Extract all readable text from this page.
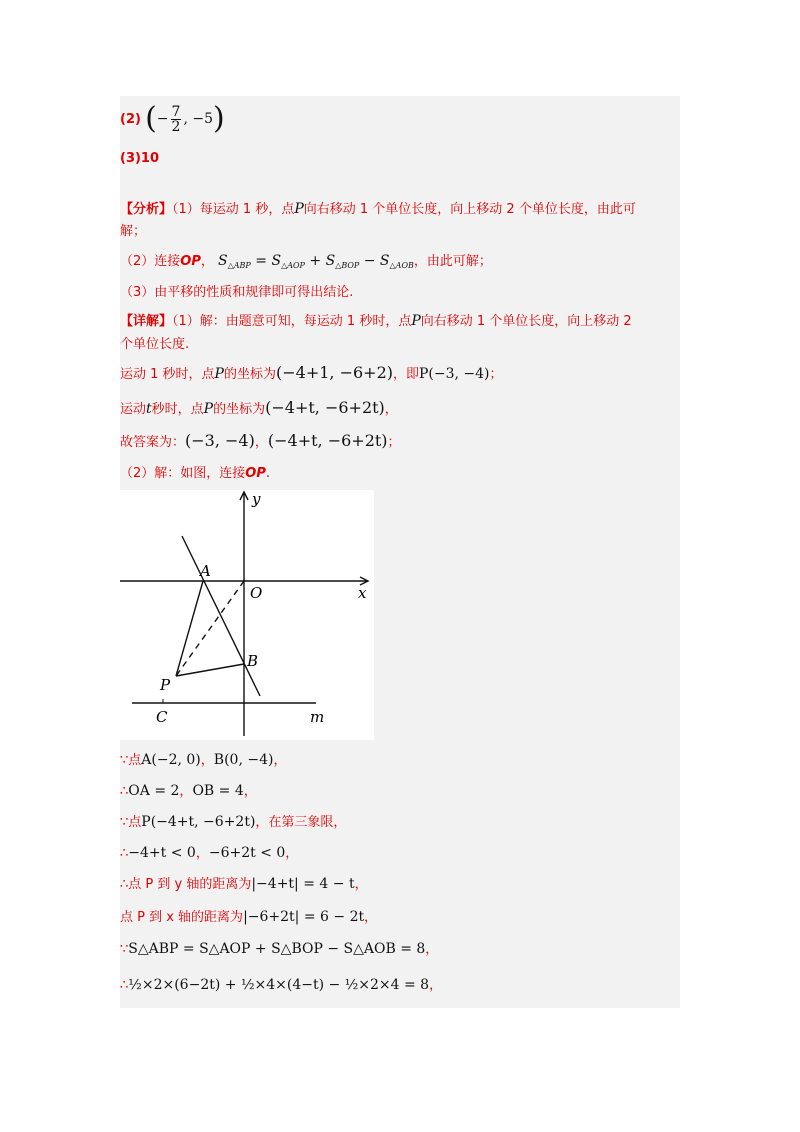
(2) (− $\frac{7}{2}$ , −5)
(3)10
【分析】（1）每运动 1 秒，点P向右移动 1 个单位长度，向上移动 2 个单位长度，由此可
解；
（2）连接OP， $S_{\triangle ABP} = S_{\triangle AOP} + S_{\triangle BOP} - S_{\triangle AOB}$，由此可解；
（3）由平移的性质和规律即可得出结论.
【详解】（1）解：由题意可知，每运动 1 秒时，点P向右移动 1 个单位长度，向上移动 2
个单位长度.
运动 1 秒时，点P的坐标为(−4+1, −6+2)，即P(−3, −4)；
运动t秒时，点P的坐标为(−4+t, −6+2t)，
故答案为：(−3, −4)，(−4+t, −6+2t)；
（2）解：如图，连接OP.
y
x
A
O
B
P
C	m
∵点A(−2, 0)，B(0, −4)，
∴OA = 2，OB = 4，
∵点P(−4+t, −6+2t)，在第三象限，
∴−4+t < 0，−6+2t < 0，
∴点 P 到 y 轴的距离为|−4+t| = 4 − t，
点 P 到 x 轴的距离为|−6+2t| = 6 − 2t，
∵S△ABP = S△AOP + S△BOP − S△AOB = 8，
∴½×2×(6−2t) + ½×4×(4−t) − ½×2×4 = 8，
